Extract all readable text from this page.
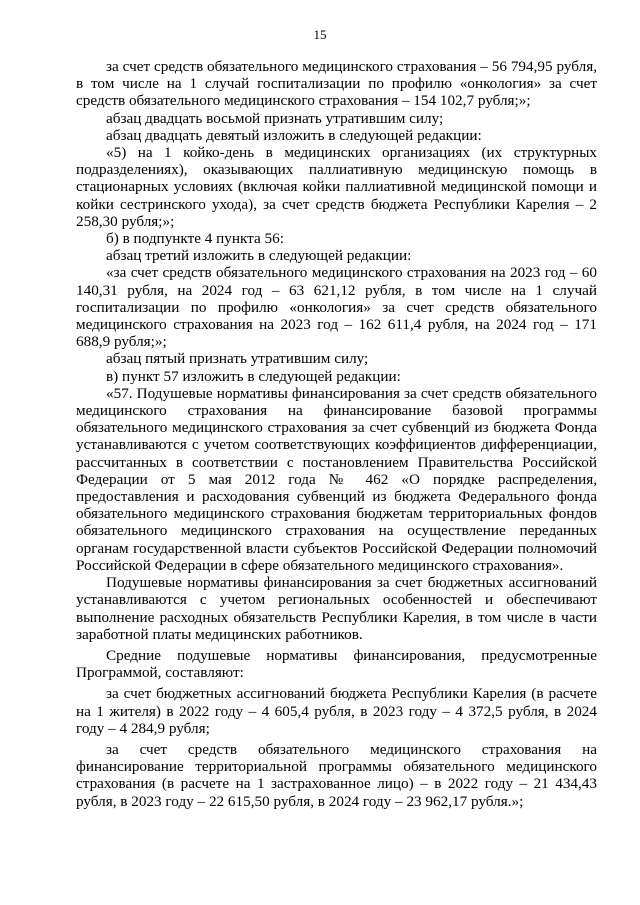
15

за счет средств обязательного медицинского страхования – 56 794,95 рубля, в том числе на 1 случай госпитализации по профилю «онкология» за счет средств обязательного медицинского страхования – 154 102,7 рубля;»;

абзац двадцать восьмой признать утратившим силу;

абзац двадцать девятый изложить в следующей редакции:

«5) на 1 койко-день в медицинских организациях (их структурных подразделениях), оказывающих паллиативную медицинскую помощь в стационарных условиях (включая койки паллиативной медицинской помощи и койки сестринского ухода), за счет средств бюджета Республики Карелия – 2 258,30 рубля;»;

б) в подпункте 4 пункта 56:

абзац третий изложить в следующей редакции:

«за счет средств обязательного медицинского страхования на 2023 год – 60 140,31 рубля, на 2024 год – 63 621,12 рубля, в том числе на 1 случай госпитализации по профилю «онкология» за счет средств обязательного медицинского страхования на 2023 год – 162 611,4 рубля, на 2024 год – 171 688,9 рубля;»;

абзац пятый признать утратившим силу;

в) пункт 57 изложить в следующей редакции:

«57. Подушевые нормативы финансирования за счет средств обязательного медицинского страхования на финансирование базовой программы обязательного медицинского страхования за счет субвенций из бюджета Фонда устанавливаются с учетом соответствующих коэффициентов дифференциации, рассчитанных в соответствии с постановлением Правительства Российской Федерации от 5 мая 2012 года № 462 «О порядке распределения, предоставления и расходования субвенций из бюджета Федерального фонда обязательного медицинского страхования бюджетам территориальных фондов обязательного медицинского страхования на осуществление переданных органам государственной власти субъектов Российской Федерации полномочий Российской Федерации в сфере обязательного медицинского страхования».

Подушевые нормативы финансирования за счет бюджетных ассигнований устанавливаются с учетом региональных особенностей и обеспечивают выполнение расходных обязательств Республики Карелия, в том числе в части заработной платы медицинских работников.

Средние подушевые нормативы финансирования, предусмотренные Программой, составляют:

за счет бюджетных ассигнований бюджета Республики Карелия (в расчете на 1 жителя) в 2022 году – 4 605,4 рубля, в 2023 году – 4 372,5 рубля, в 2024 году – 4 284,9 рубля;

за счет средств обязательного медицинского страхования на финансирование территориальной программы обязательного медицинского страхования (в расчете на 1 застрахованное лицо) – в 2022 году – 21 434,43 рубля, в 2023 году – 22 615,50 рубля, в 2024 году – 23 962,17 рубля.»;
